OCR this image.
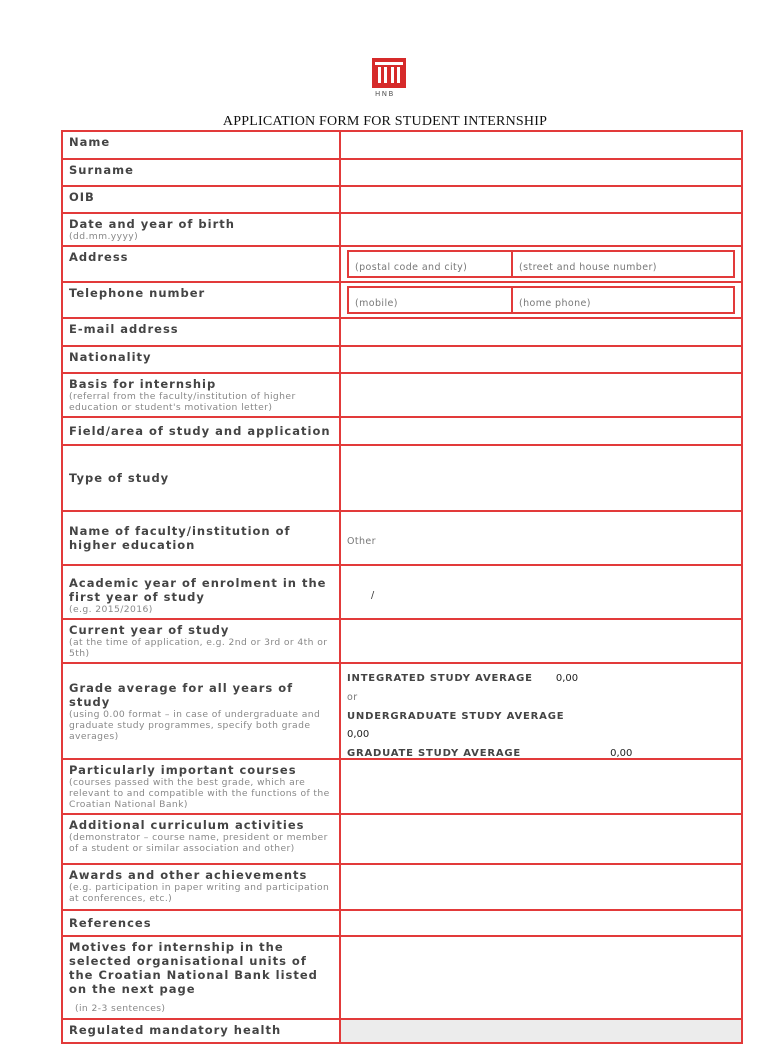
HNB
APPLICATION FORM FOR STUDENT INTERNSHIP
Name

Surname

OIB

Date and year of birth
(dd.mm.yyyy)

Address

(postal code and city)	(street and house number)

Telephone number

(mobile)	(home phone)

E-mail address

Nationality

Basis for internship
(referral from the faculty/institution of higher education or student's motivation letter)

Field/area of study and application

Type of study

Name of faculty/institution of higher education	Other

Academic year of enrolment in the first year of study
(e.g. 2015/2016)
	/

Current year of study
(at the time of application, e.g. 2nd or 3rd or 4th or 5th)

Grade average for all years of study
(using 0.00 format – in case of undergraduate and graduate study programmes, specify both grade averages)

INTEGRATED STUDY AVERAGE 0,00
or
UNDERGRADUATE STUDY AVERAGE
0,00
GRADUATE STUDY AVERAGE	0,00

Particularly important courses
(courses passed with the best grade, which are relevant to and compatible with the functions of the Croatian National Bank)

Additional curriculum activities
(demonstrator – course name, president or member of a student or similar association and other)

Awards and other achievements
(e.g. participation in paper writing and participation at conferences, etc.)

References

Motives for internship in the selected organisational units of the Croatian National Bank listed on the next page
(in 2-3 sentences)	

Regulated mandatory health
